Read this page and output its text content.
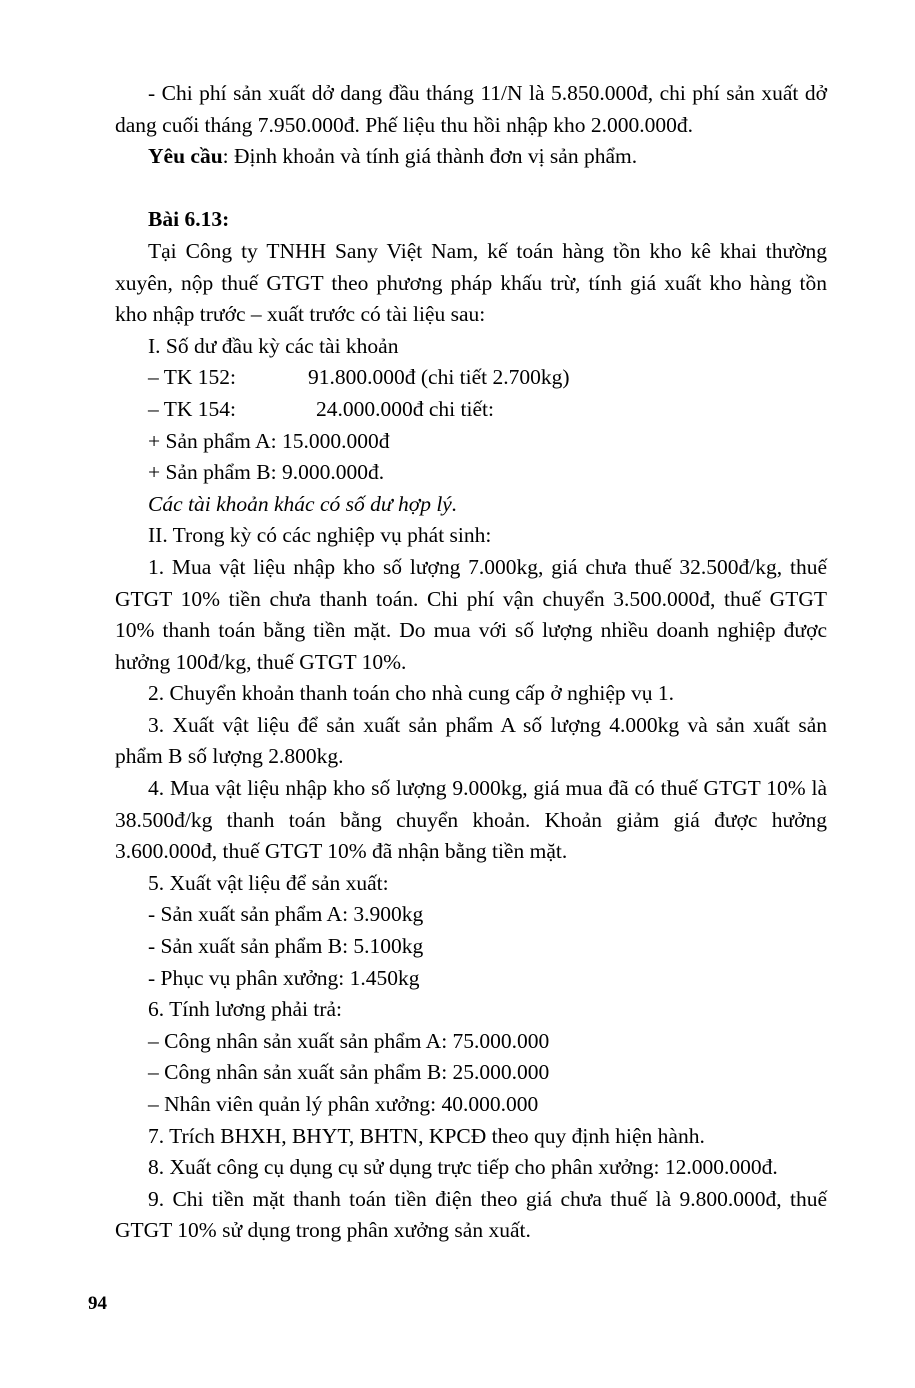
- Chi phí sản xuất dở dang đầu tháng 11/N là 5.850.000đ, chi phí sản xuất dở dang cuối tháng 7.950.000đ. Phế liệu thu hồi nhập kho 2.000.000đ.

Yêu cầu: Định khoản và tính giá thành đơn vị sản phẩm.

Bài 6.13:

Tại Công ty TNHH Sany Việt Nam, kế toán hàng tồn kho kê khai thường xuyên, nộp thuế GTGT theo phương pháp khấu trừ, tính giá xuất kho hàng tồn kho nhập trước – xuất trước có tài liệu sau:

I. Số dư đầu kỳ các tài khoản

– TK 152:	91.800.000đ (chi tiết 2.700kg)

– TK 154:	24.000.000đ chi tiết:

+ Sản phẩm A: 15.000.000đ

+ Sản phẩm B: 9.000.000đ.

Các tài khoản khác có số dư hợp lý.

II. Trong kỳ có các nghiệp vụ phát sinh:

1. Mua vật liệu nhập kho số lượng 7.000kg, giá chưa thuế 32.500đ/kg, thuế GTGT 10% tiền chưa thanh toán. Chi phí vận chuyển 3.500.000đ, thuế GTGT 10% thanh toán bằng tiền mặt. Do mua với số lượng nhiều doanh nghiệp được hưởng 100đ/kg, thuế GTGT 10%.

2. Chuyển khoản thanh toán cho nhà cung cấp ở nghiệp vụ 1.

3. Xuất vật liệu để sản xuất sản phẩm A số lượng 4.000kg và sản xuất sản phẩm B số lượng 2.800kg.

4. Mua vật liệu nhập kho số lượng 9.000kg, giá mua đã có thuế GTGT 10% là 38.500đ/kg thanh toán bằng chuyển khoản. Khoản giảm giá được hưởng 3.600.000đ, thuế GTGT 10% đã nhận bằng tiền mặt.

5. Xuất vật liệu để sản xuất:

- Sản xuất sản phẩm A: 3.900kg

- Sản xuất sản phẩm B: 5.100kg

- Phục vụ phân xưởng: 1.450kg

6. Tính lương phải trả:

– Công nhân sản xuất sản phẩm A: 75.000.000

– Công nhân sản xuất sản phẩm B: 25.000.000

– Nhân viên quản lý phân xưởng: 40.000.000

7. Trích BHXH, BHYT, BHTN, KPCĐ theo quy định hiện hành.

8. Xuất công cụ dụng cụ sử dụng trực tiếp cho phân xưởng: 12.000.000đ.

9. Chi tiền mặt thanh toán tiền điện theo giá chưa thuế là 9.800.000đ, thuế GTGT 10% sử dụng trong phân xưởng sản xuất.

94
